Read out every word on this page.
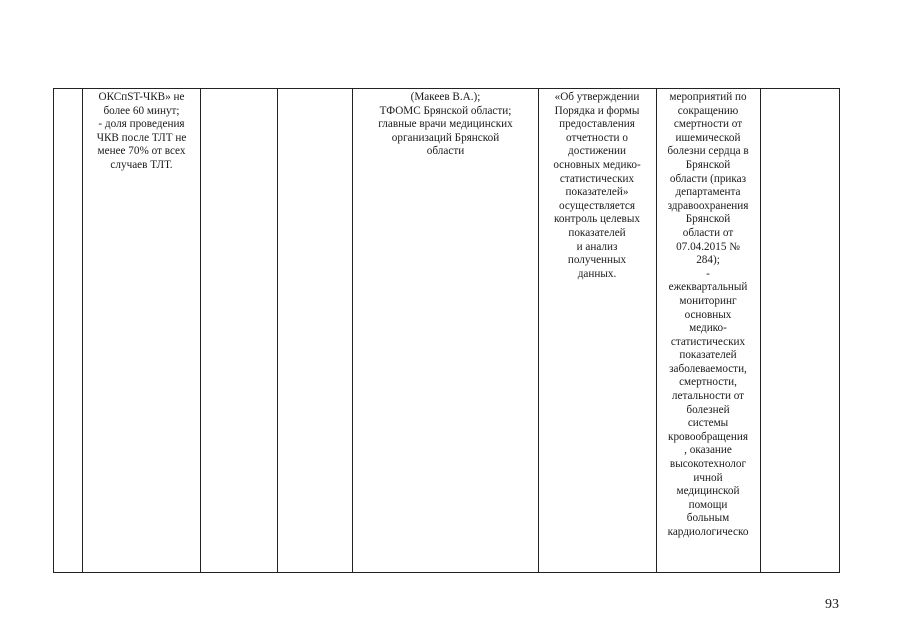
ОКСпST-ЧКВ» не
более 60 минут;
- доля проведения
ЧКВ после ТЛТ не
менее 70% от всех
случаев ТЛТ.
(Макеев В.А.);
ТФОМС Брянской области;
главные врачи медицинских
организаций Брянской
области
«Об утверждении
Порядка и формы
предоставления
отчетности о
достижении
основных медико-
статистических
показателей»
осуществляется
контроль целевых
показателей
и анализ
полученных
данных.
мероприятий по
сокращению
смертности от
ишемической
болезни сердца в
Брянской
области (приказ
департамента
здравоохранения
Брянской
области от
07.04.2015 №
284);
-
ежеквартальный
мониторинг
основных
медико-
статистических
показателей
заболеваемости,
смертности,
летальности от
болезней
системы
кровообращения
, оказание
высокотехнолог
ичной
медицинской
помощи
больным
кардиологическо
93
